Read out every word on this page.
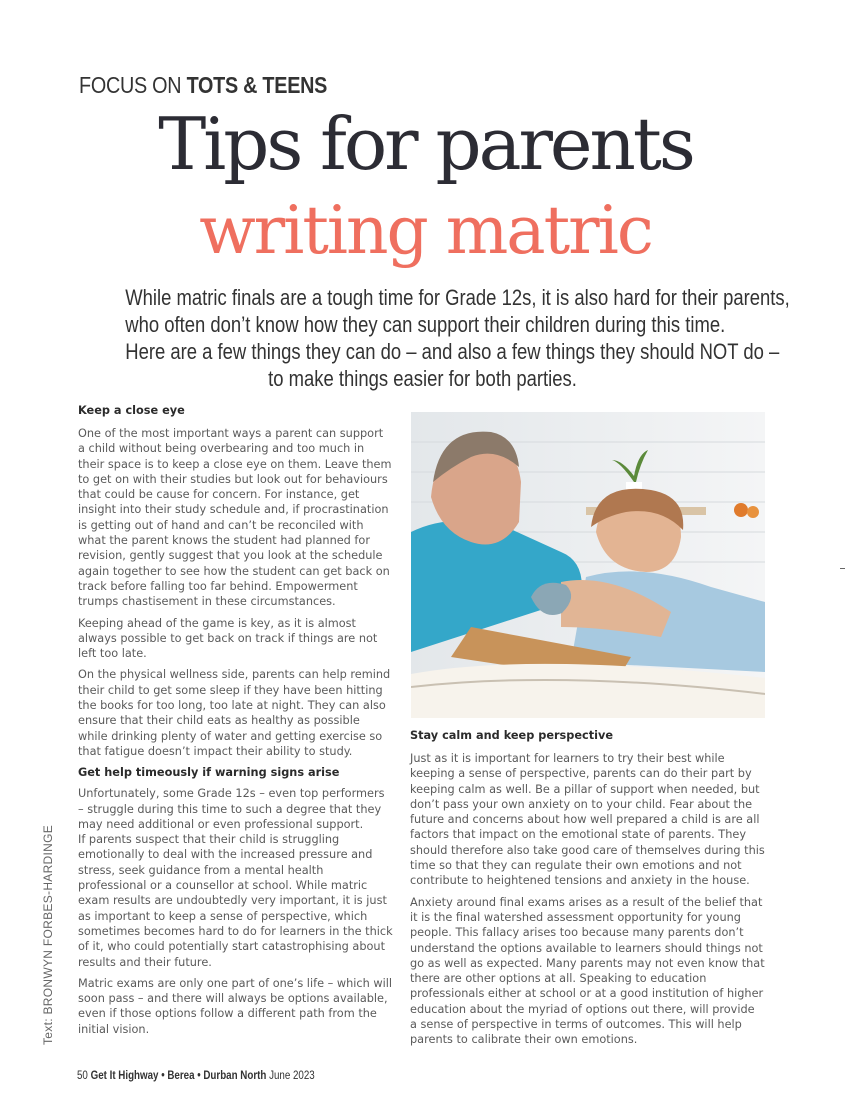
FOCUS ON TOTS & TEENS
Tips for parents
writing matric
While matric finals are a tough time for Grade 12s, it is also hard for their parents,
who often don’t know how they can support their children during this time.
Here are a few things they can do – and also a few things they should NOT do –
to make things easier for both parties.
Keep a close eye

One of the most important ways a parent can support a child without being overbearing and too much in their space is to keep a close eye on them. Leave them to get on with their studies but look out for behaviours that could be cause for concern. For instance, get insight into their study schedule and, if procrastination is getting out of hand and can’t be reconciled with what the parent knows the student had planned for revision, gently suggest that you look at the schedule again together to see how the student can get back on track before falling too far behind. Empowerment trumps chastisement in these circumstances.

Keeping ahead of the game is key, as it is almost always possible to get back on track if things are not left too late.

On the physical wellness side, parents can help remind their child to get some sleep if they have been hitting the books for too long, too late at night. They can also ensure that their child eats as healthy as possible while drinking plenty of water and getting exercise so that fatigue doesn’t impact their ability to study.

Get help timeously if warning signs arise

Unfortunately, some Grade 12s – even top performers – struggle during this time to such a degree that they may need additional or even professional support.

If parents suspect that their child is struggling emotionally to deal with the increased pressure and stress, seek guidance from a mental health professional or a counsellor at school. While matric exam results are undoubtedly very important, it is just as important to keep a sense of perspective, which sometimes becomes hard to do for learners in the thick of it, who could potentially start catastrophising about results and their future.

Matric exams are only one part of one’s life – which will soon pass – and there will always be options available, even if those options follow a different path from the initial vision.

Stay calm and keep perspective

Just as it is important for learners to try their best while keeping a sense of perspective, parents can do their part by keeping calm as well. Be a pillar of support when needed, but don’t pass your own anxiety on to your child. Fear about the future and concerns about how well prepared a child is are all factors that impact on the emotional state of parents. They should therefore also take good care of themselves during this time so that they can regulate their own emotions and not contribute to heightened tensions and anxiety in the house.

Anxiety around final exams arises as a result of the belief that it is the final watershed assessment opportunity for young people. This fallacy arises too because many parents don’t understand the options available to learners should things not go as well as expected. Many parents may not even know that there are other options at all. Speaking to education professionals either at school or at a good institution of higher education about the myriad of options out there, will provide a sense of perspective in terms of outcomes. This will help parents to calibrate their own emotions.

Text: BRONWYN FORBES-HARDINGE
50 Get It Highway • Berea • Durban North June 2023
